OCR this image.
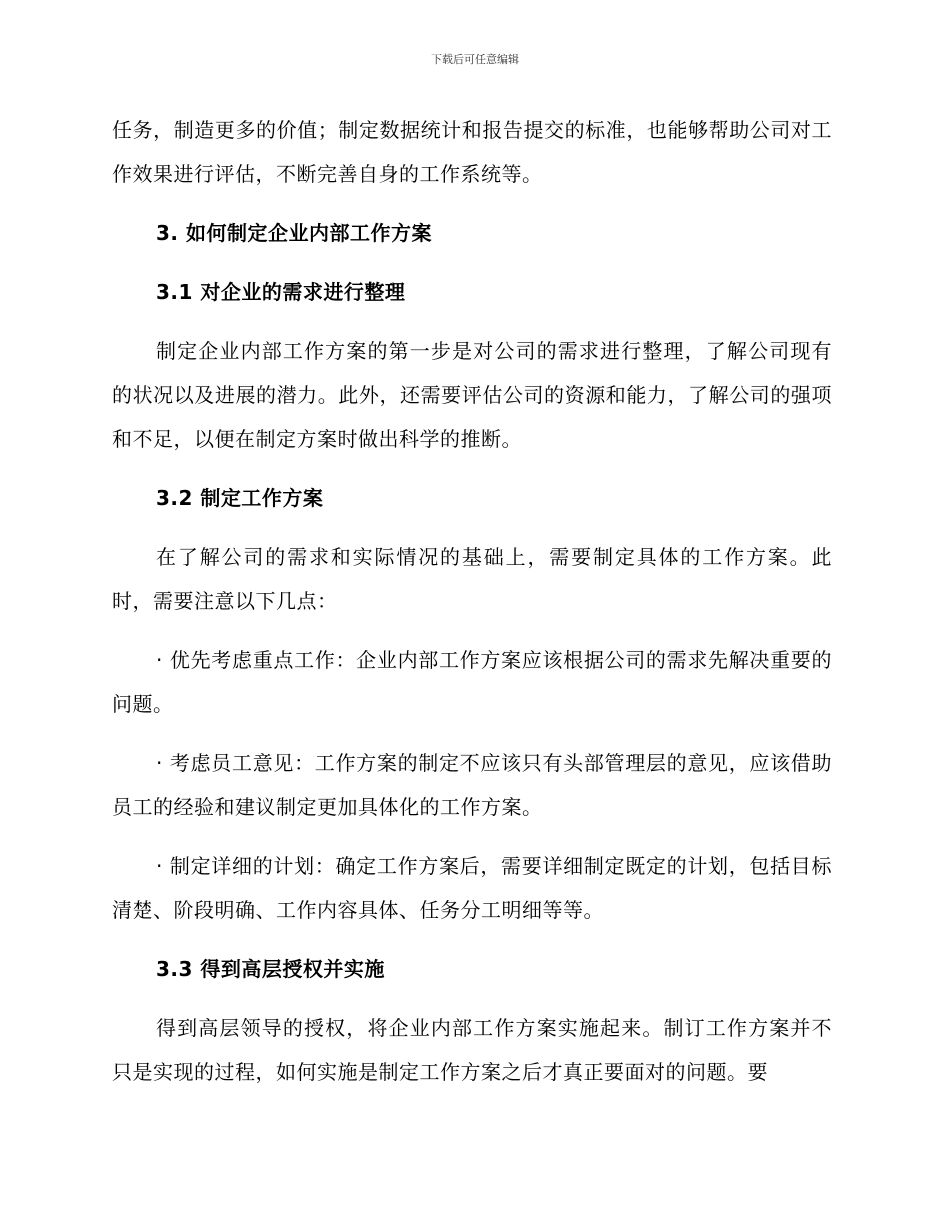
下载后可任意编辑

任务，制造更多的价值；制定数据统计和报告提交的标准，也能够帮助公司对工作效果进行评估，不断完善自身的工作系统等。

3. 如何制定企业内部工作方案
3.1 对企业的需求进行整理

制定企业内部工作方案的第一步是对公司的需求进行整理，了解公司现有的状况以及进展的潜力。此外，还需要评估公司的资源和能力，了解公司的强项和不足，以便在制定方案时做出科学的推断。

3.2 制定工作方案

在了解公司的需求和实际情况的基础上，需要制定具体的工作方案。此时，需要注意以下几点：

· 优先考虑重点工作：企业内部工作方案应该根据公司的需求先解决重要的问题。

· 考虑员工意见：工作方案的制定不应该只有头部管理层的意见，应该借助员工的经验和建议制定更加具体化的工作方案。

· 制定详细的计划：确定工作方案后，需要详细制定既定的计划，包括目标清楚、阶段明确、工作内容具体、任务分工明细等等。

3.3 得到高层授权并实施

得到高层领导的授权，将企业内部工作方案实施起来。制订工作方案并不只是实现的过程，如何实施是制定工作方案之后才真正要面对的问题。要
